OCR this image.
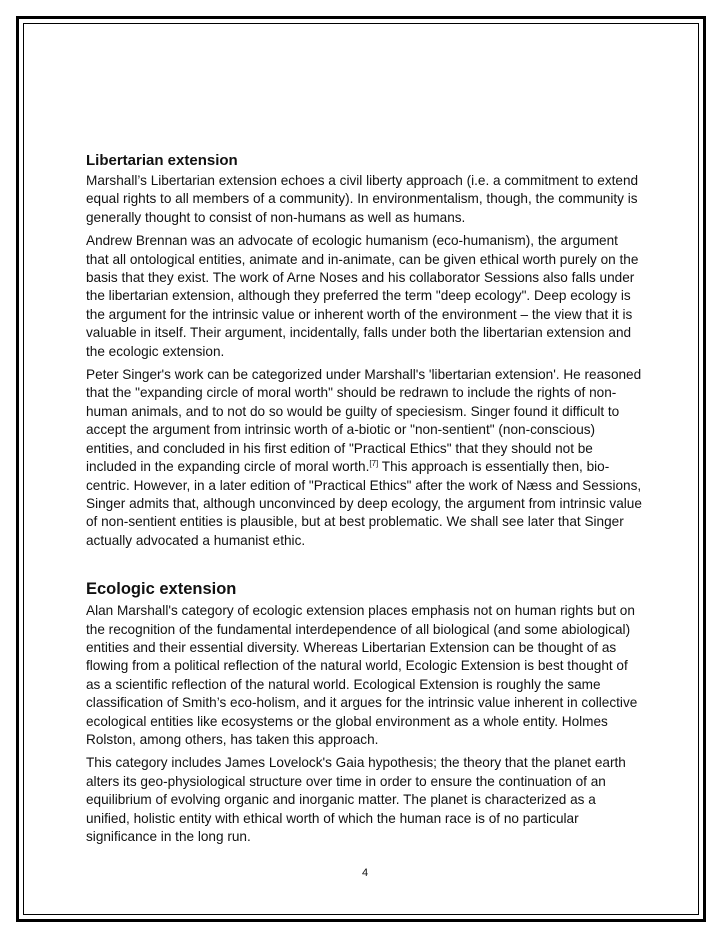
Libertarian extension

Marshall’s Libertarian extension echoes a civil liberty approach (i.e. a commitment to extend equal rights to all members of a community). In environmentalism, though, the community is generally thought to consist of non-humans as well as humans.

Andrew Brennan was an advocate of ecologic humanism (eco-humanism), the argument that all ontological entities, animate and in-animate, can be given ethical worth purely on the basis that they exist. The work of Arne Noses and his collaborator Sessions also falls under the libertarian extension, although they preferred the term "deep ecology". Deep ecology is the argument for the intrinsic value or inherent worth of the environment – the view that it is valuable in itself. Their argument, incidentally, falls under both the libertarian extension and the ecologic extension.

Peter Singer's work can be categorized under Marshall's 'libertarian extension'. He reasoned that the "expanding circle of moral worth" should be redrawn to include the rights of non-human animals, and to not do so would be guilty of speciesism. Singer found it difficult to accept the argument from intrinsic worth of a-biotic or "non-sentient" (non-conscious) entities, and concluded in his first edition of "Practical Ethics" that they should not be included in the expanding circle of moral worth.[7] This approach is essentially then, bio-centric. However, in a later edition of "Practical Ethics" after the work of Næss and Sessions, Singer admits that, although unconvinced by deep ecology, the argument from intrinsic value of non-sentient entities is plausible, but at best problematic. We shall see later that Singer actually advocated a humanist ethic.

Ecologic extension

Alan Marshall's category of ecologic extension places emphasis not on human rights but on the recognition of the fundamental interdependence of all biological (and some abiological) entities and their essential diversity. Whereas Libertarian Extension can be thought of as flowing from a political reflection of the natural world, Ecologic Extension is best thought of as a scientific reflection of the natural world. Ecological Extension is roughly the same classification of Smith’s eco-holism, and it argues for the intrinsic value inherent in collective ecological entities like ecosystems or the global environment as a whole entity. Holmes Rolston, among others, has taken this approach.

This category includes James Lovelock's Gaia hypothesis; the theory that the planet earth alters its geo-physiological structure over time in order to ensure the continuation of an equilibrium of evolving organic and inorganic matter. The planet is characterized as a unified, holistic entity with ethical worth of which the human race is of no particular significance in the long run.

4
